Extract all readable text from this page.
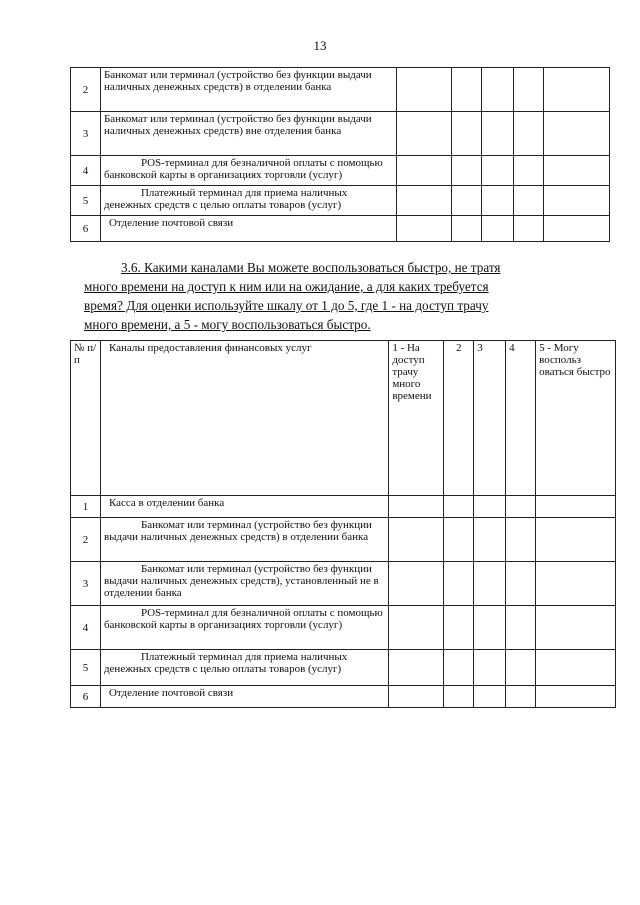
13
2	Банкомат или терминал (устройство без функции выдачи наличных денежных средств) в отделении банка					
3	Банкомат или терминал (устройство без функции выдачи наличных денежных средств) вне отделения банка					
4	POS-терминал для безналичной оплаты с помощью банковской карты в организациях торговли (услуг)					
5	Платежный терминал для приема наличных денежных средств с целью оплаты товаров (услуг)					
6	Отделение почтовой связи					
3.6. Какими каналами Вы можете воспользоваться быстро, не тратя
много времени на доступ к ним или на ожидание, а для каких требуется
время? Для оценки используйте шкалу от 1 до 5, где 1 - на доступ трачу
много времени, а 5 - могу воспользоваться быстро.
№ п/п	Каналы предоставления финансовых услуг	1 - На доступ трачу много времени	2	3	4	5 - Могу воспольз оваться быстро
1	Касса в отделении банка					
2	Банкомат или терминал (устройство без функции выдачи наличных денежных средств) в отделении банка					
3	Банкомат или терминал (устройство без функции выдачи наличных денежных средств), установленный не в отделении банка					
4	POS-терминал для безналичной оплаты с помощью банковской карты в организациях торговли (услуг)					
5	Платежный терминал для приема наличных денежных средств с целью оплаты товаров (услуг)					
6	Отделение почтовой связи					
